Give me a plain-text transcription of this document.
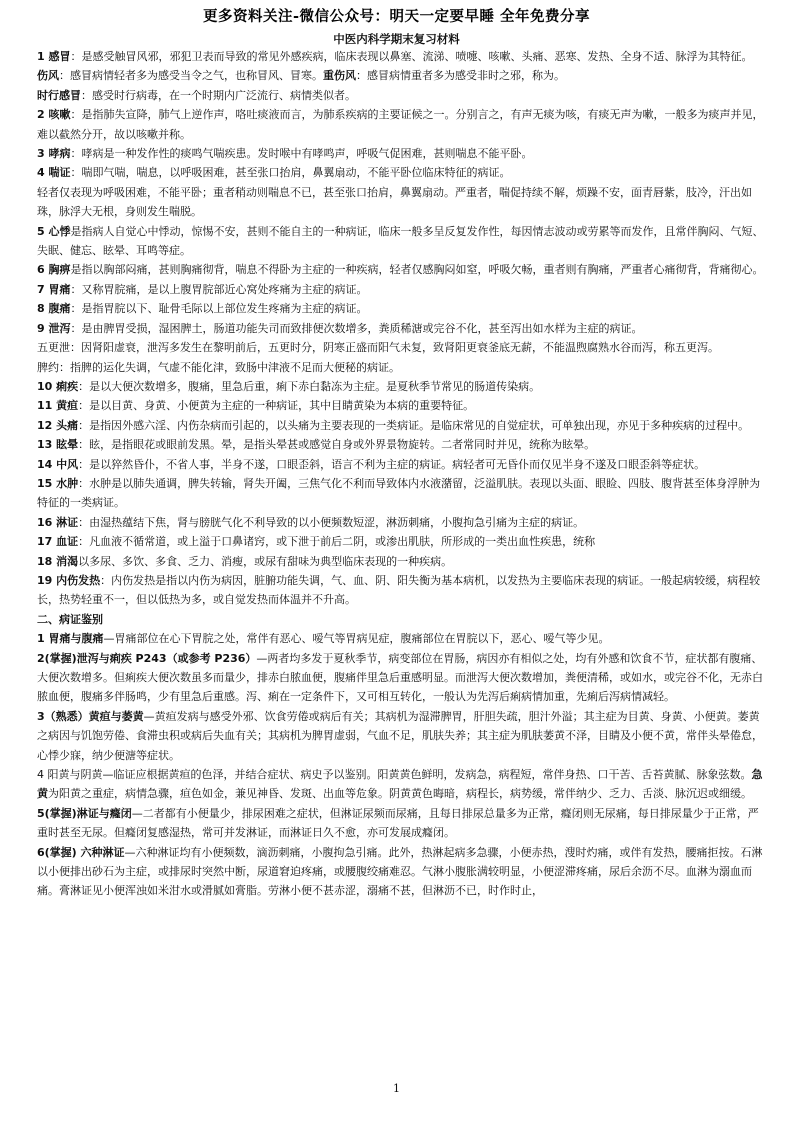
更多资料关注-微信公众号：明天一定要早睡 全年免费分享
中医内科学期末复习材料

1 感冒：是感受触冒风邪，邪犯卫表而导致的常见外感疾病，临床表现以鼻塞、流涕、喷嚏、咳嗽、头痛、恶寒、发热、全身不适、脉浮为其特征。

伤风：感冒病情轻者多为感受当令之气，也称冒风、冒寒。重伤风：感冒病情重者多为感受非时之邪，称为。

时行感冒：感受时行病毒，在一个时期内广泛流行、病情类似者。

2 咳嗽：是指肺失宣降，肺气上逆作声，咯吐痰液而言，为肺系疾病的主要证候之一。分别言之，有声无痰为咳，有痰无声为嗽，一般多为痰声并见，难以截然分开，故以咳嗽并称。

3 哮病：哮病是一种发作性的痰鸣气喘疾患。发时喉中有哮鸣声，呼吸气促困难，甚则喘息不能平卧。

4 喘证：喘即气喘，喘息，以呼吸困难，甚至张口抬肩，鼻翼扇动，不能平卧位临床特征的病证。

轻者仅表现为呼吸困难，不能平卧；重者稍动则喘息不已，甚至张口抬肩，鼻翼扇动。严重者，喘促持续不解，烦躁不安，面青唇紫，肢冷，汗出如珠，脉浮大无根，身则发生喘脱。

5 心悸是指病人自觉心中悸动，惊惕不安，甚则不能自主的一种病证，临床一般多呈反复发作性，每因情志波动或劳累等而发作，且常伴胸闷、气短、失眠、健忘、眩晕、耳鸣等症。

6 胸痹是指以胸部闷痛，甚则胸痛彻背，喘息不得卧为主症的一种疾病，轻者仅感胸闷如窒，呼吸欠畅，重者则有胸痛，严重者心痛彻背，背痛彻心。

7 胃痛：又称胃脘痛，是以上腹胃脘部近心窝处疼痛为主症的病证。

8 腹痛：是指胃脘以下、耻骨毛际以上部位发生疼痛为主症的病证。

9 泄泻：是由脾胃受损，湿困脾土，肠道功能失司而致排便次数增多，粪质稀溏或完谷不化，甚至泻出如水样为主症的病证。

五更泄：因肾阳虚衰，泄泻多发生在黎明前后，五更时分，阴寒正盛而阳气未复，致肾阳更衰釜底无薪，不能温煦腐熟水谷而泻，称五更泻。

脾约：指脾的运化失调，气虚不能化津，致肠中津液不足而大便秘的病证。

10 痢疾：是以大便次数增多，腹痛，里急后重，痢下赤白黏冻为主症。是夏秋季节常见的肠道传染病。

11 黄疸：是以目黄、身黄、小便黄为主症的一种病证，其中目睛黄染为本病的重要特征。

12 头痛：是指因外感六淫、内伤杂病而引起的，以头痛为主要表现的一类病证。是临床常见的自觉症状，可单独出现，亦见于多种疾病的过程中。

13 眩晕：眩，是指眼花或眼前发黑。晕，是指头晕甚或感觉自身或外界景物旋转。二者常同时并见，统称为眩晕。

14 中风：是以猝然昏仆，不省人事，半身不遂，口眼歪斜，语言不利为主症的病证。病轻者可无昏仆而仅见半身不遂及口眼歪斜等症状。

15 水肿：水肿是以肺失通调，脾失转输，肾失开阖，三焦气化不利而导致体内水液潴留，泛溢肌肤。表现以头面、眼睑、四肢、腹背甚至体身浮肿为特征的一类病证。

16 淋证：由湿热蕴结下焦，肾与膀胱气化不利导致的以小便频数短涩，淋沥刺痛，小腹拘急引痛为主症的病证。

17 血证：凡血液不循常道，或上溢于口鼻诸窍，或下泄于前后二阴，或渗出肌肤，所形成的一类出血性疾患，统称

18 消渴以多尿、多饮、多食、乏力、消瘦，或尿有甜味为典型临床表现的一种疾病。

19 内伤发热：内伤发热是指以内伤为病因，脏腑功能失调，气、血、阴、阳失衡为基本病机，以发热为主要临床表现的病证。一般起病较缓，病程较长，热势轻重不一，但以低热为多，或自觉发热而体温并不升高。

二、病证鉴别

1 胃痛与腹痛—胃痛部位在心下胃脘之处，常伴有恶心、嗳气等胃病见症，腹痛部位在胃脘以下，恶心、嗳气等少见。

2(掌握)泄泻与痢疾 P243（或参考 P236）—两者均多发于夏秋季节，病变部位在胃肠，病因亦有相似之处，均有外感和饮食不节，症状都有腹痛、大便次数增多。但痢疾大便次数虽多而量少，排赤白脓血便，腹痛伴里急后重感明显。而泄泻大便次数增加，粪便清稀，或如水，或完谷不化，无赤白脓血便，腹痛多伴肠鸣，少有里急后重感。泻、痢在一定条件下，又可相互转化，一般认为先泻后痢病情加重，先痢后泻病情减轻。

3（熟悉）黄疸与萎黄—黄疸发病与感受外邪、饮食劳倦或病后有关；其病机为湿滞脾胃，肝胆失疏，胆汁外溢；其主症为目黄、身黄、小便黄。萎黄之病因与饥饱劳倦、食滞虫积或病后失血有关；其病机为脾胃虚弱，气血不足，肌肤失养；其主症为肌肤萎黄不泽，目睛及小便不黄，常伴头晕倦怠，心悸少寐，纳少便溏等症状。

4 阳黄与阴黄—临证应根据黄疸的色泽，并结合症状、病史予以鉴别。阳黄黄色鲜明，发病急，病程短，常伴身热、口干苦、舌苔黄腻、脉象弦数。急黄为阳黄之重症，病情急骤，疸色如金，兼见神昏、发斑、出血等危象。阴黄黄色晦暗，病程长，病势缓，常伴纳少、乏力、舌淡、脉沉迟或细缓。

5(掌握)淋证与癃闭—二者都有小便量少，排尿困难之症状，但淋证尿频而尿痛，且每日排尿总量多为正常，癃闭则无尿痛，每日排尿量少于正常，严重时甚至无尿。但癃闭复感湿热，常可并发淋证，而淋证日久不愈，亦可发展成癃闭。

6(掌握) 六种淋证—六种淋证均有小便频数，滴沥刺痛，小腹拘急引痛。此外，热淋起病多急骤，小便赤热，溲时灼痛，或伴有发热，腰痛拒按。石淋以小便排出砂石为主症，或排尿时突然中断，尿道窘迫疼痛，或腰腹绞痛难忍。气淋小腹胀满较明显，小便涩滞疼痛，尿后余沥不尽。血淋为溺血而痛。膏淋证见小便浑浊如米泔水或滑腻如膏脂。劳淋小便不甚赤涩，溺痛不甚，但淋沥不已，时作时止，

1
